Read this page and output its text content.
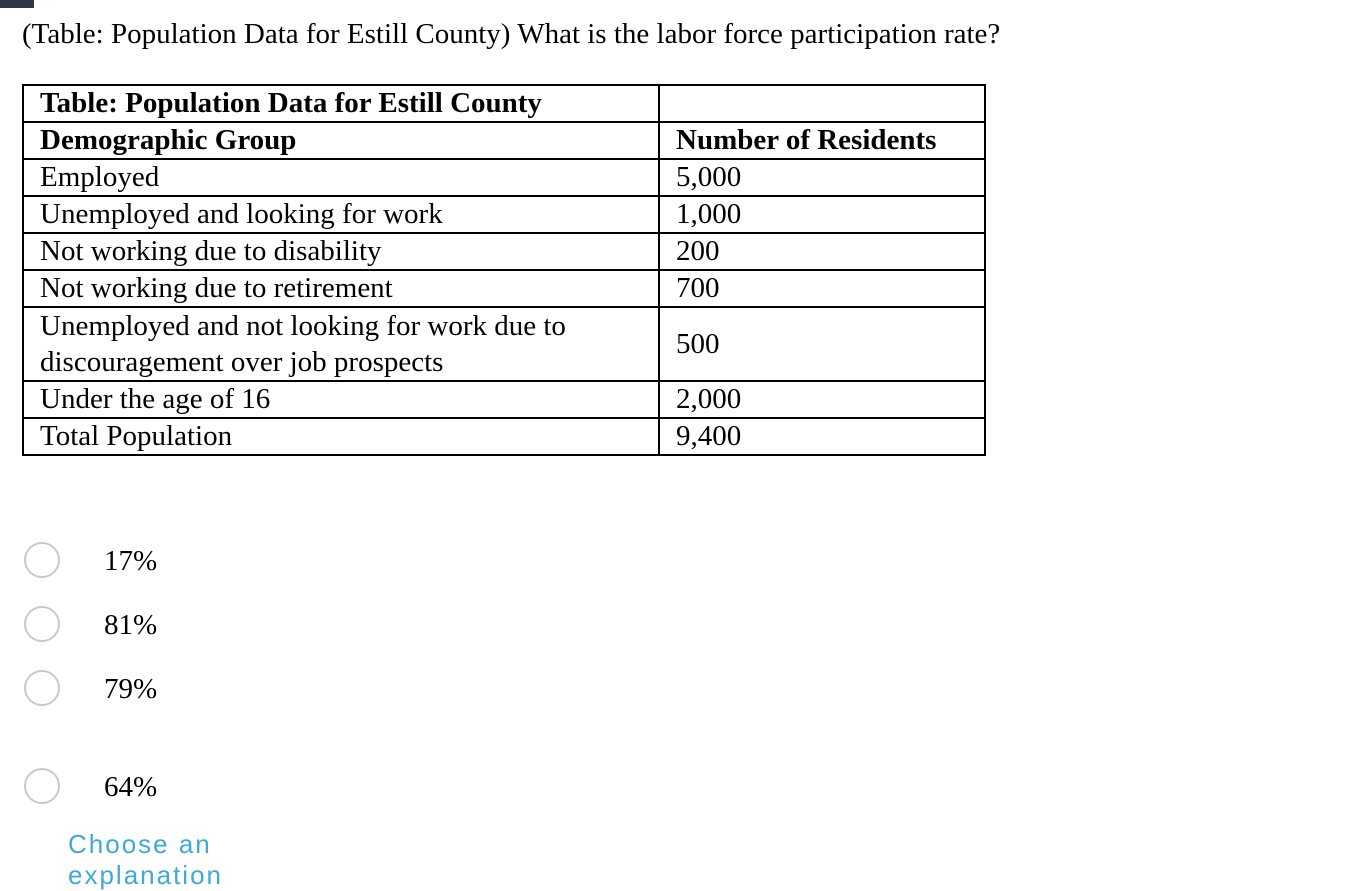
(Table: Population Data for Estill County) What is the labor force participation rate?
Table: Population Data for Estill County	
Demographic Group	Number of Residents
Employed	5,000
Unemployed and looking for work	1,000
Not working due to disability	200
Not working due to retirement	700
Unemployed and not looking for work due to discouragement over job prospects	500
Under the age of 16	2,000
Total Population	9,400
17%
81%
79%
64%
Choose an explanation
